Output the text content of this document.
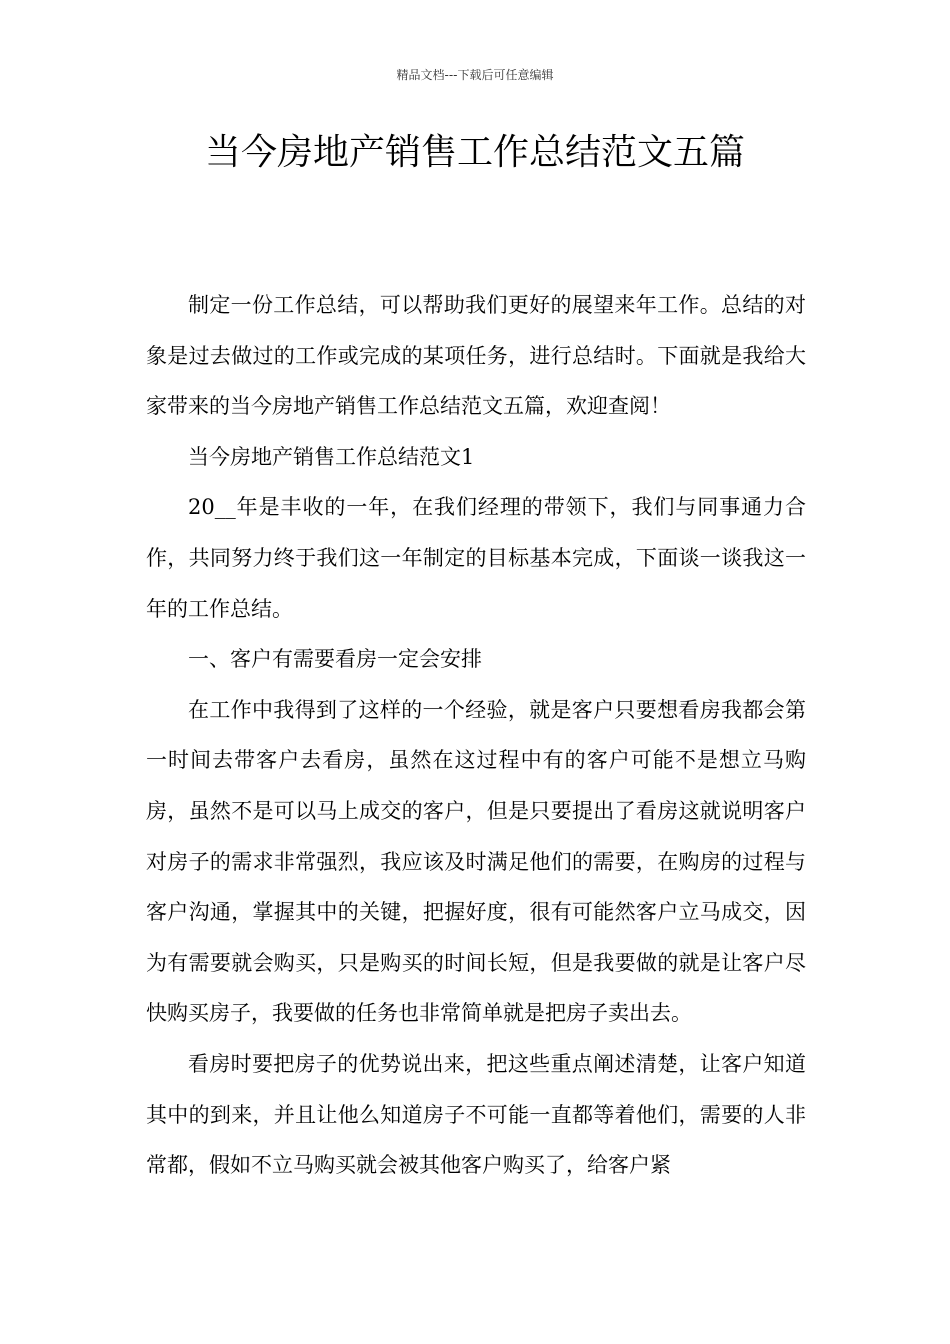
精品文档---下载后可任意编辑
当今房地产销售工作总结范文五篇

制定一份工作总结，可以帮助我们更好的展望来年工作。总结的对象是过去做过的工作或完成的某项任务，进行总结时。下面就是我给大家带来的当今房地产销售工作总结范文五篇，欢迎查阅！

当今房地产销售工作总结范文1

20__年是丰收的一年，在我们经理的带领下，我们与同事通力合作，共同努力终于我们这一年制定的目标基本完成，下面谈一谈我这一年的工作总结。

一、客户有需要看房一定会安排

在工作中我得到了这样的一个经验，就是客户只要想看房我都会第一时间去带客户去看房，虽然在这过程中有的客户可能不是想立马购房，虽然不是可以马上成交的客户，但是只要提出了看房这就说明客户对房子的需求非常强烈，我应该及时满足他们的需要，在购房的过程与客户沟通，掌握其中的关键，把握好度，很有可能然客户立马成交，因为有需要就会购买，只是购买的时间长短，但是我要做的就是让客户尽快购买房子，我要做的任务也非常简单就是把房子卖出去。

看房时要把房子的优势说出来，把这些重点阐述清楚，让客户知道其中的到来，并且让他么知道房子不可能一直都等着他们，需要的人非常都，假如不立马购买就会被其他客户购买了，给客户紧
